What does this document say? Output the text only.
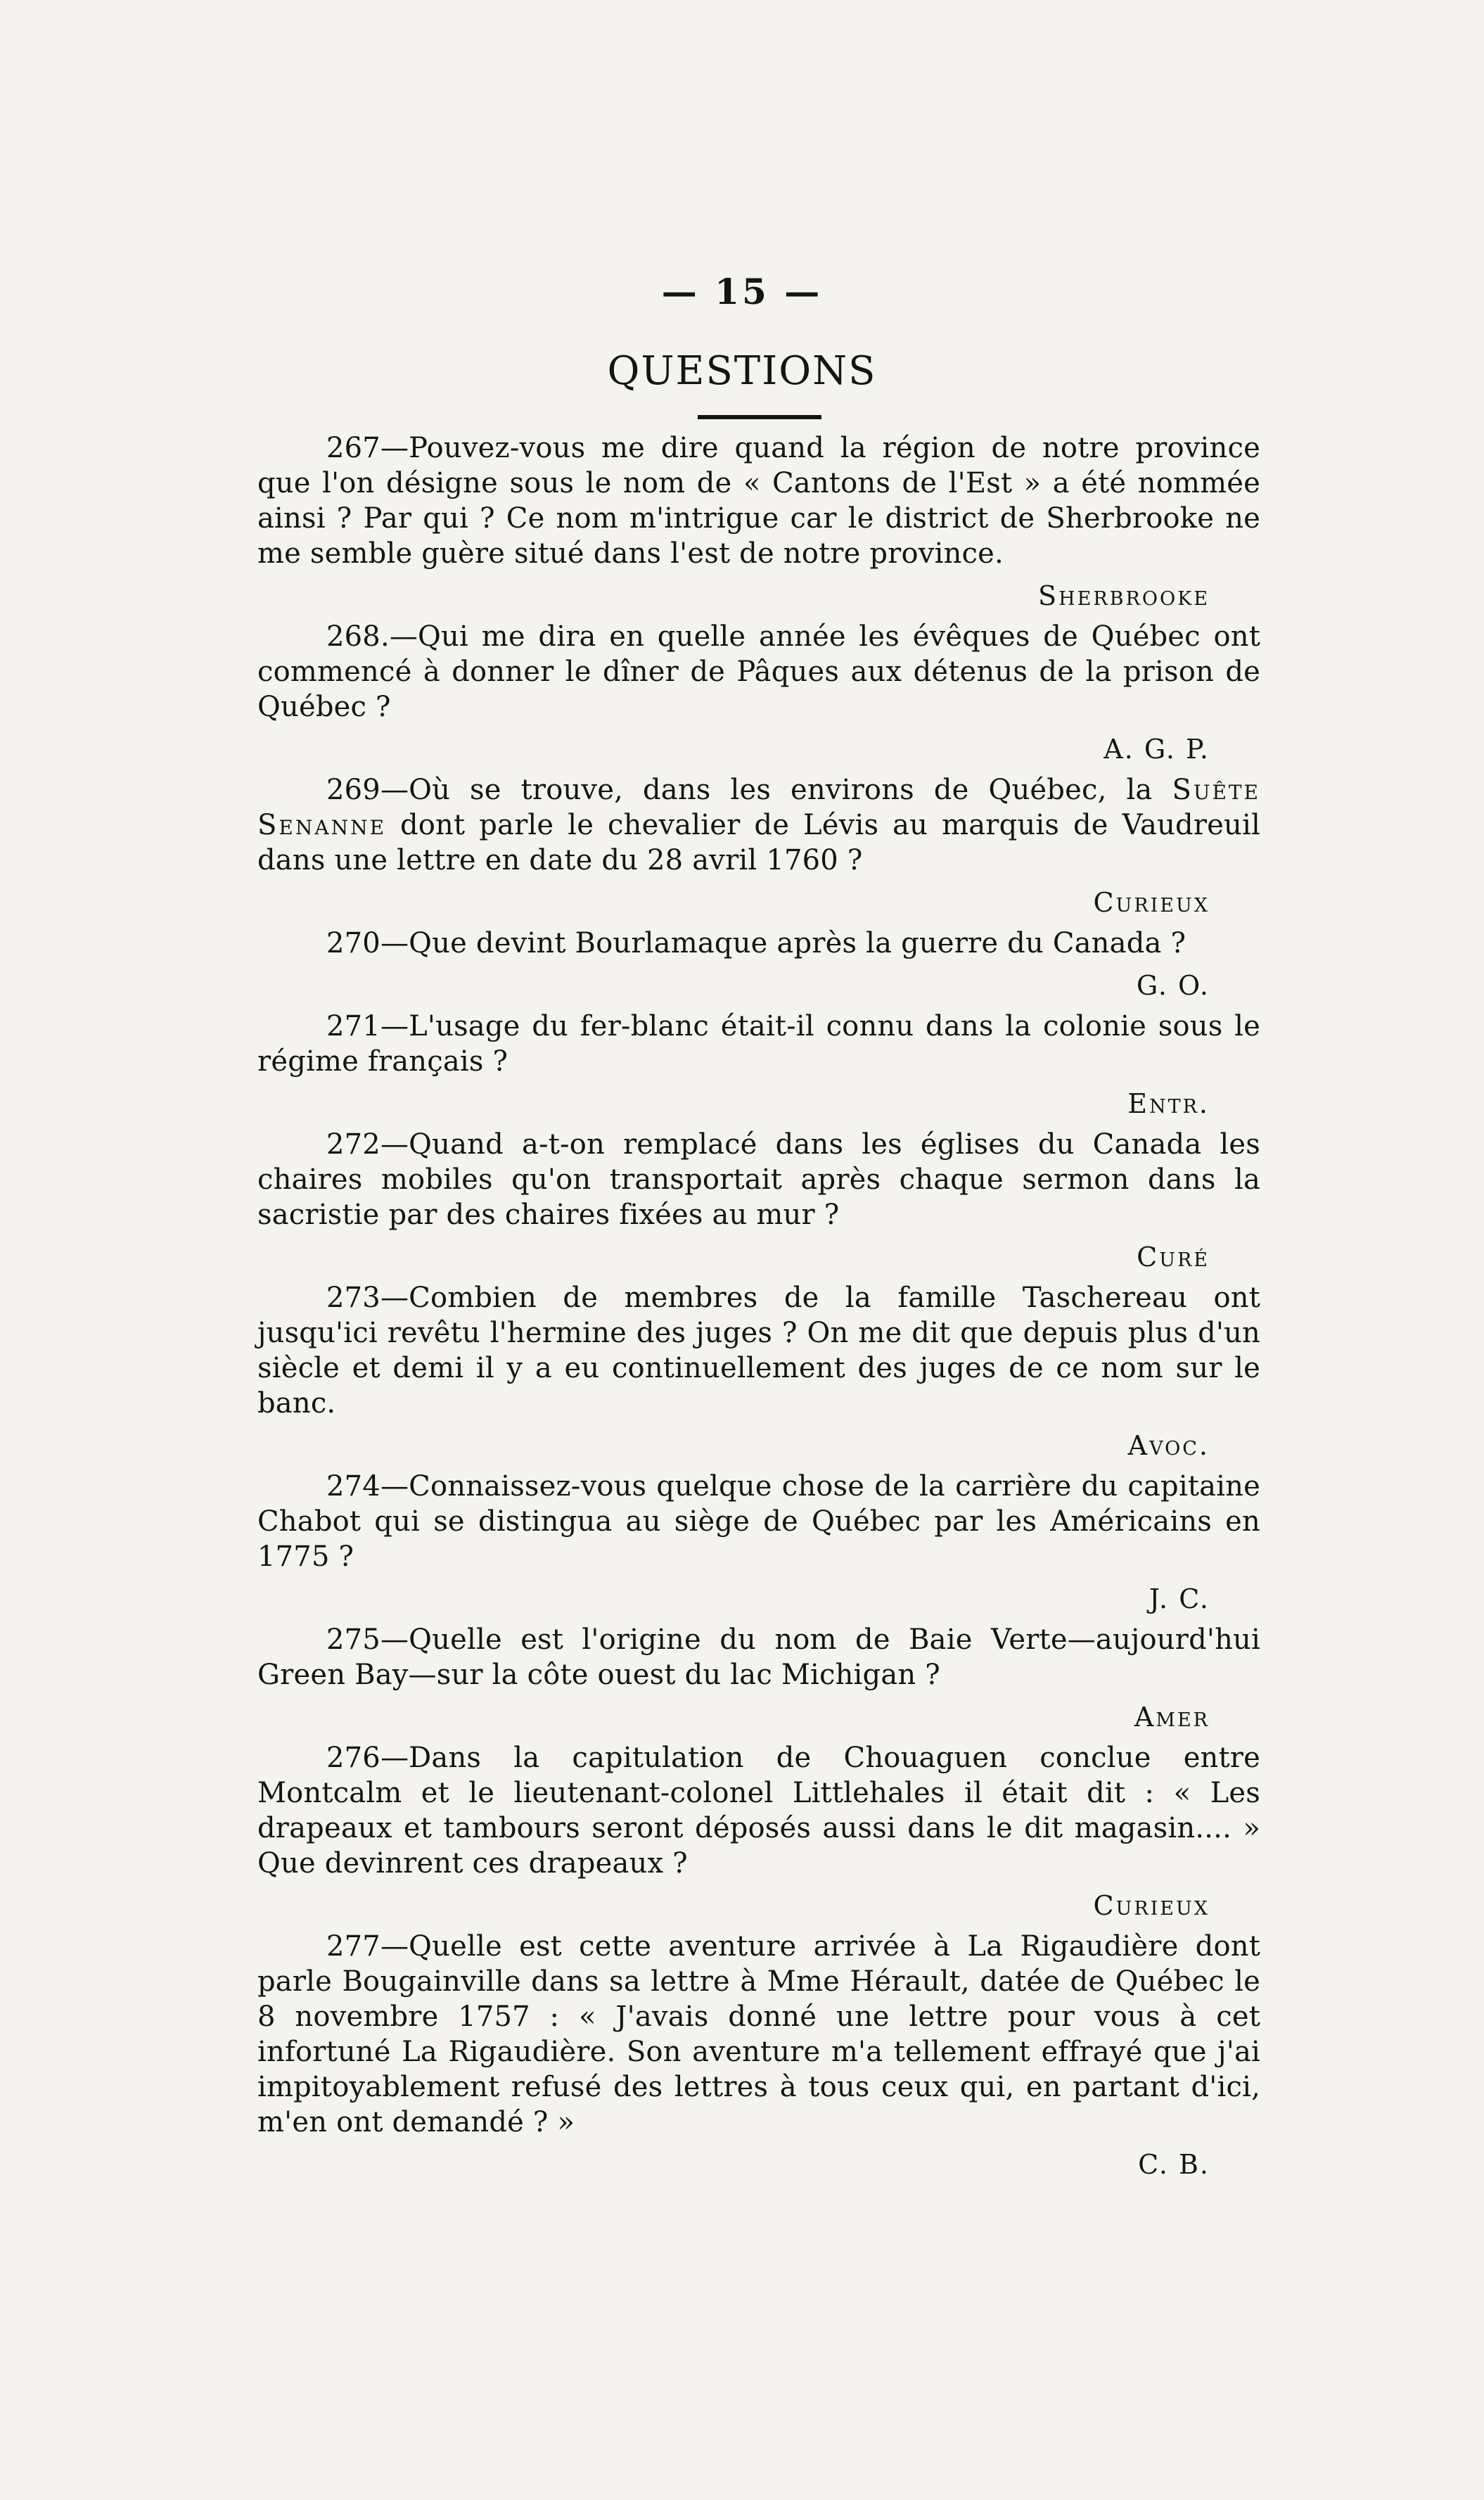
— 15 —
QUESTIONS

267—Pouvez-vous me dire quand la région de notre province que l'on désigne sous le nom de « Cantons de l'Est » a été nommée ainsi ? Par qui ? Ce nom m'intrigue car le district de Sherbrooke ne me semble guère situé dans l'est de notre province.

Sherbrooke

268.—Qui me dira en quelle année les évêques de Québec ont commencé à donner le dîner de Pâques aux détenus de la prison de Québec ?

A. G. P.

269—Où se trouve, dans les environs de Québec, la Suête Senanne dont parle le chevalier de Lévis au marquis de Vaudreuil dans une lettre en date du 28 avril 1760 ?

Curieux

270—Que devint Bourlamaque après la guerre du Canada ?

G. O.

271—L'usage du fer-blanc était-il connu dans la colonie sous le régime français ?

Entr.

272—Quand a-t-on remplacé dans les églises du Canada les chaires mobiles qu'on transportait après chaque sermon dans la sacristie par des chaires fixées au mur ?

Curé

273—Combien de membres de la famille Taschereau ont jusqu'ici revêtu l'hermine des juges ? On me dit que depuis plus d'un siècle et demi il y a eu continuellement des juges de ce nom sur le banc.

Avoc.

274—Connaissez-vous quelque chose de la carrière du capitaine Chabot qui se distingua au siège de Québec par les Américains en 1775 ?

J. C.

275—Quelle est l'origine du nom de Baie Verte—aujourd'hui Green Bay—sur la côte ouest du lac Michigan ?

Amer

276—Dans la capitulation de Chouaguen conclue entre Montcalm et le lieutenant-colonel Littlehales il était dit : « Les drapeaux et tambours seront déposés aussi dans le dit magasin.... » Que devinrent ces drapeaux ?

Curieux

277—Quelle est cette aventure arrivée à La Rigaudière dont parle Bougainville dans sa lettre à Mme Hérault, datée de Québec le 8 novembre 1757 : « J'avais donné une lettre pour vous à cet infortuné La Rigaudière. Son aventure m'a tellement effrayé que j'ai impitoyablement refusé des lettres à tous ceux qui, en partant d'ici, m'en ont demandé ? »

C. B.
